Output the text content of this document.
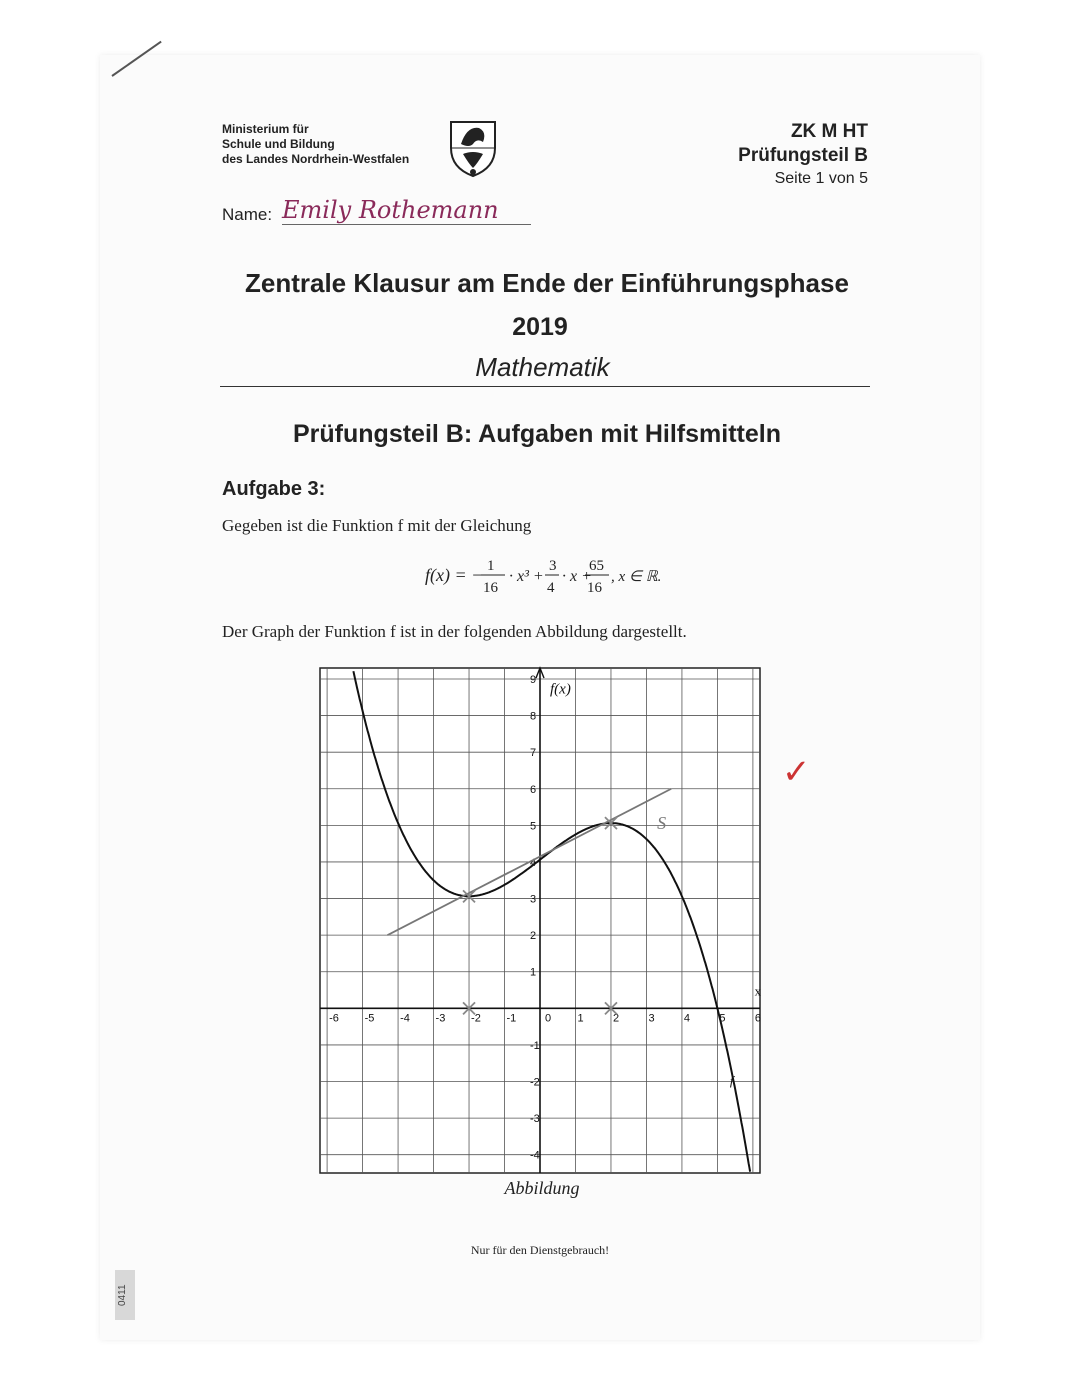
Ministerium für
Schule und Bildung
des Landes Nordrhein-Westfalen
ZK M HT
Prüfungsteil B
Seite 1 von 5
Name: Emily Rothemann
Zentrale Klausur am Ende der Einführungsphase
2019
Mathematik
Prüfungsteil B: Aufgaben mit Hilfsmitteln
Aufgabe 3:
Gegeben ist die Funktion f mit der Gleichung
f(x) = − 1
16
· x³ +
3
4
· x +
65
16
, x ∈ ℝ.
Der Graph der Funktion f ist in der folgenden Abbildung dargestellt.
-6 -5 -4 -3 -2 -1	0 1	2	3	4	5	6
9
8
7
6
5
4
3
2
1
-1
-2
-3
-4
f(x)
x
f
S
Abbildung
Nur für den Dienstgebrauch!
0411
✓
